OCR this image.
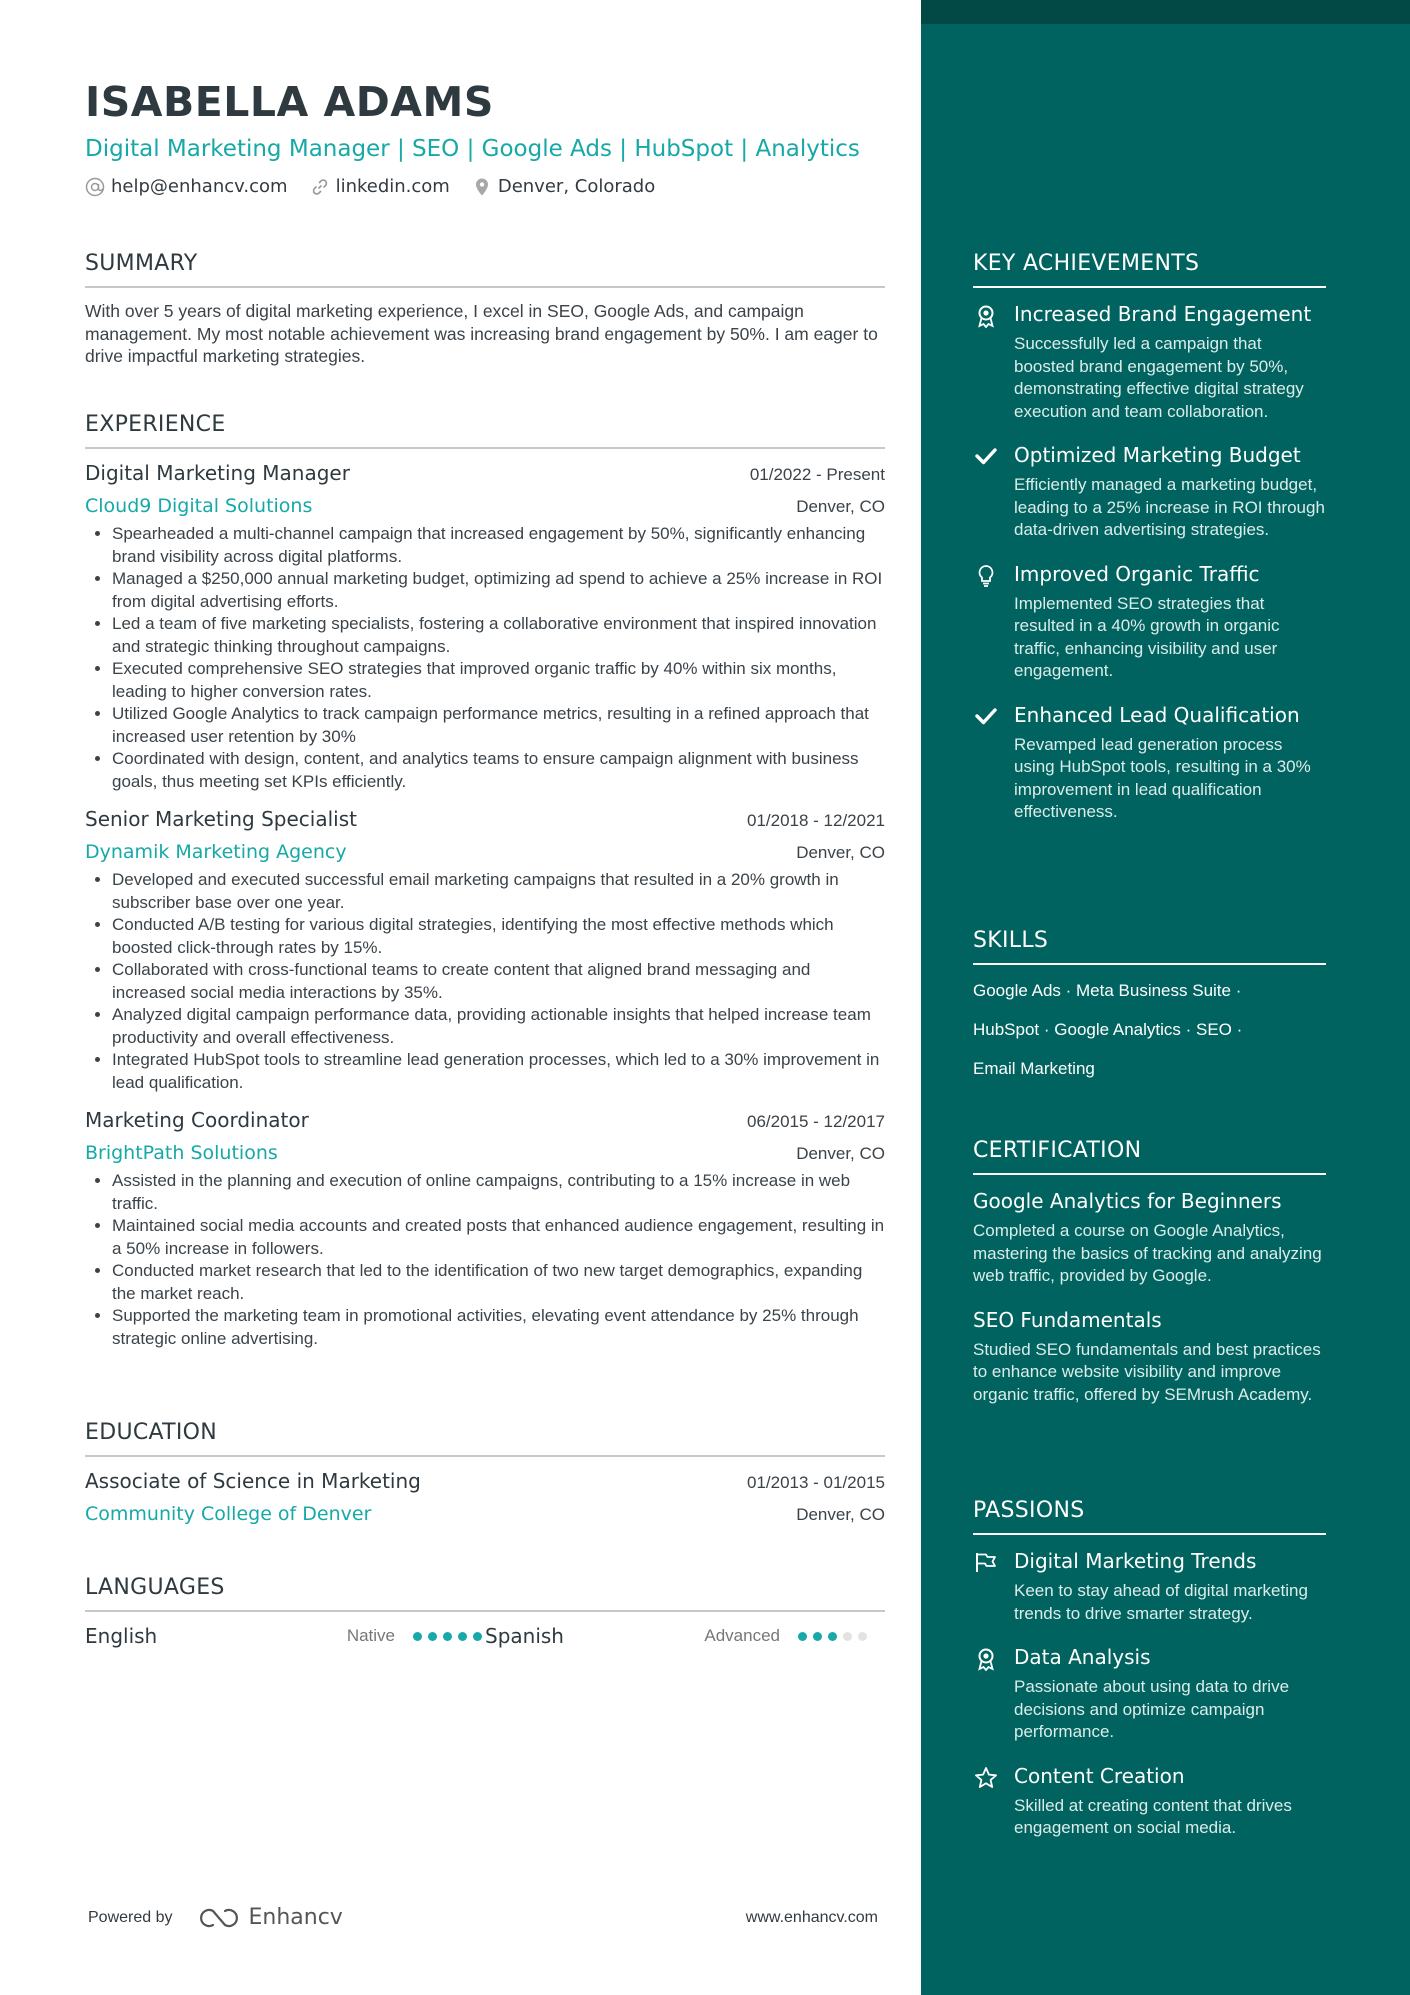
ISABELLA ADAMS
Digital Marketing Manager | SEO | Google Ads | HubSpot | Analytics
help@enhancv.com	linkedin.com	Denver, Colorado
SUMMARY
With over 5 years of digital marketing experience, I excel in SEO, Google Ads, and campaign management. My most notable achievement was increasing brand engagement by 50%. I am eager to drive impactful marketing strategies.
EXPERIENCE
Digital Marketing Manager	01/2022 - Present
Cloud9 Digital Solutions	Denver, CO
• Spearheaded a multi-channel campaign that increased engagement by 50%, significantly enhancing brand visibility across digital platforms.
• Managed a $250,000 annual marketing budget, optimizing ad spend to achieve a 25% increase in ROI from digital advertising efforts.
• Led a team of five marketing specialists, fostering a collaborative environment that inspired innovation and strategic thinking throughout campaigns.
• Executed comprehensive SEO strategies that improved organic traffic by 40% within six months, leading to higher conversion rates.
• Utilized Google Analytics to track campaign performance metrics, resulting in a refined approach that increased user retention by 30%
• Coordinated with design, content, and analytics teams to ensure campaign alignment with business goals, thus meeting set KPIs efficiently.
Senior Marketing Specialist	01/2018 - 12/2021
Dynamik Marketing Agency	Denver, CO
• Developed and executed successful email marketing campaigns that resulted in a 20% growth in subscriber base over one year.
• Conducted A/B testing for various digital strategies, identifying the most effective methods which boosted click-through rates by 15%.
• Collaborated with cross-functional teams to create content that aligned brand messaging and increased social media interactions by 35%.
• Analyzed digital campaign performance data, providing actionable insights that helped increase team productivity and overall effectiveness.
• Integrated HubSpot tools to streamline lead generation processes, which led to a 30% improvement in lead qualification.
Marketing Coordinator	06/2015 - 12/2017
BrightPath Solutions	Denver, CO
• Assisted in the planning and execution of online campaigns, contributing to a 15% increase in web traffic.
• Maintained social media accounts and created posts that enhanced audience engagement, resulting in a 50% increase in followers.
• Conducted market research that led to the identification of two new target demographics, expanding the market reach.
• Supported the marketing team in promotional activities, elevating event attendance by 25% through strategic online advertising.
EDUCATION
Associate of Science in Marketing	01/2013 - 01/2015
Community College of Denver	Denver, CO
LANGUAGES
English	Native	Spanish	Advanced
Powered by	Enhancv	www.enhancv.com
KEY ACHIEVEMENTS
Increased Brand Engagement
Successfully led a campaign that boosted brand engagement by 50%, demonstrating effective digital strategy execution and team collaboration.
Optimized Marketing Budget
Efficiently managed a marketing budget, leading to a 25% increase in ROI through data-driven advertising strategies.
Improved Organic Traffic
Implemented SEO strategies that resulted in a 40% growth in organic traffic, enhancing visibility and user engagement.
Enhanced Lead Qualification
Revamped lead generation process using HubSpot tools, resulting in a 30% improvement in lead qualification effectiveness.
SKILLS
Google Ads · Meta Business Suite ·
HubSpot · Google Analytics · SEO ·
Email Marketing
CERTIFICATION
Google Analytics for Beginners
Completed a course on Google Analytics, mastering the basics of tracking and analyzing web traffic, provided by Google.
SEO Fundamentals
Studied SEO fundamentals and best practices to enhance website visibility and improve organic traffic, offered by SEMrush Academy.
PASSIONS
Digital Marketing Trends
Keen to stay ahead of digital marketing trends to drive smarter strategy.
Data Analysis
Passionate about using data to drive decisions and optimize campaign performance.
Content Creation
Skilled at creating content that drives engagement on social media.
